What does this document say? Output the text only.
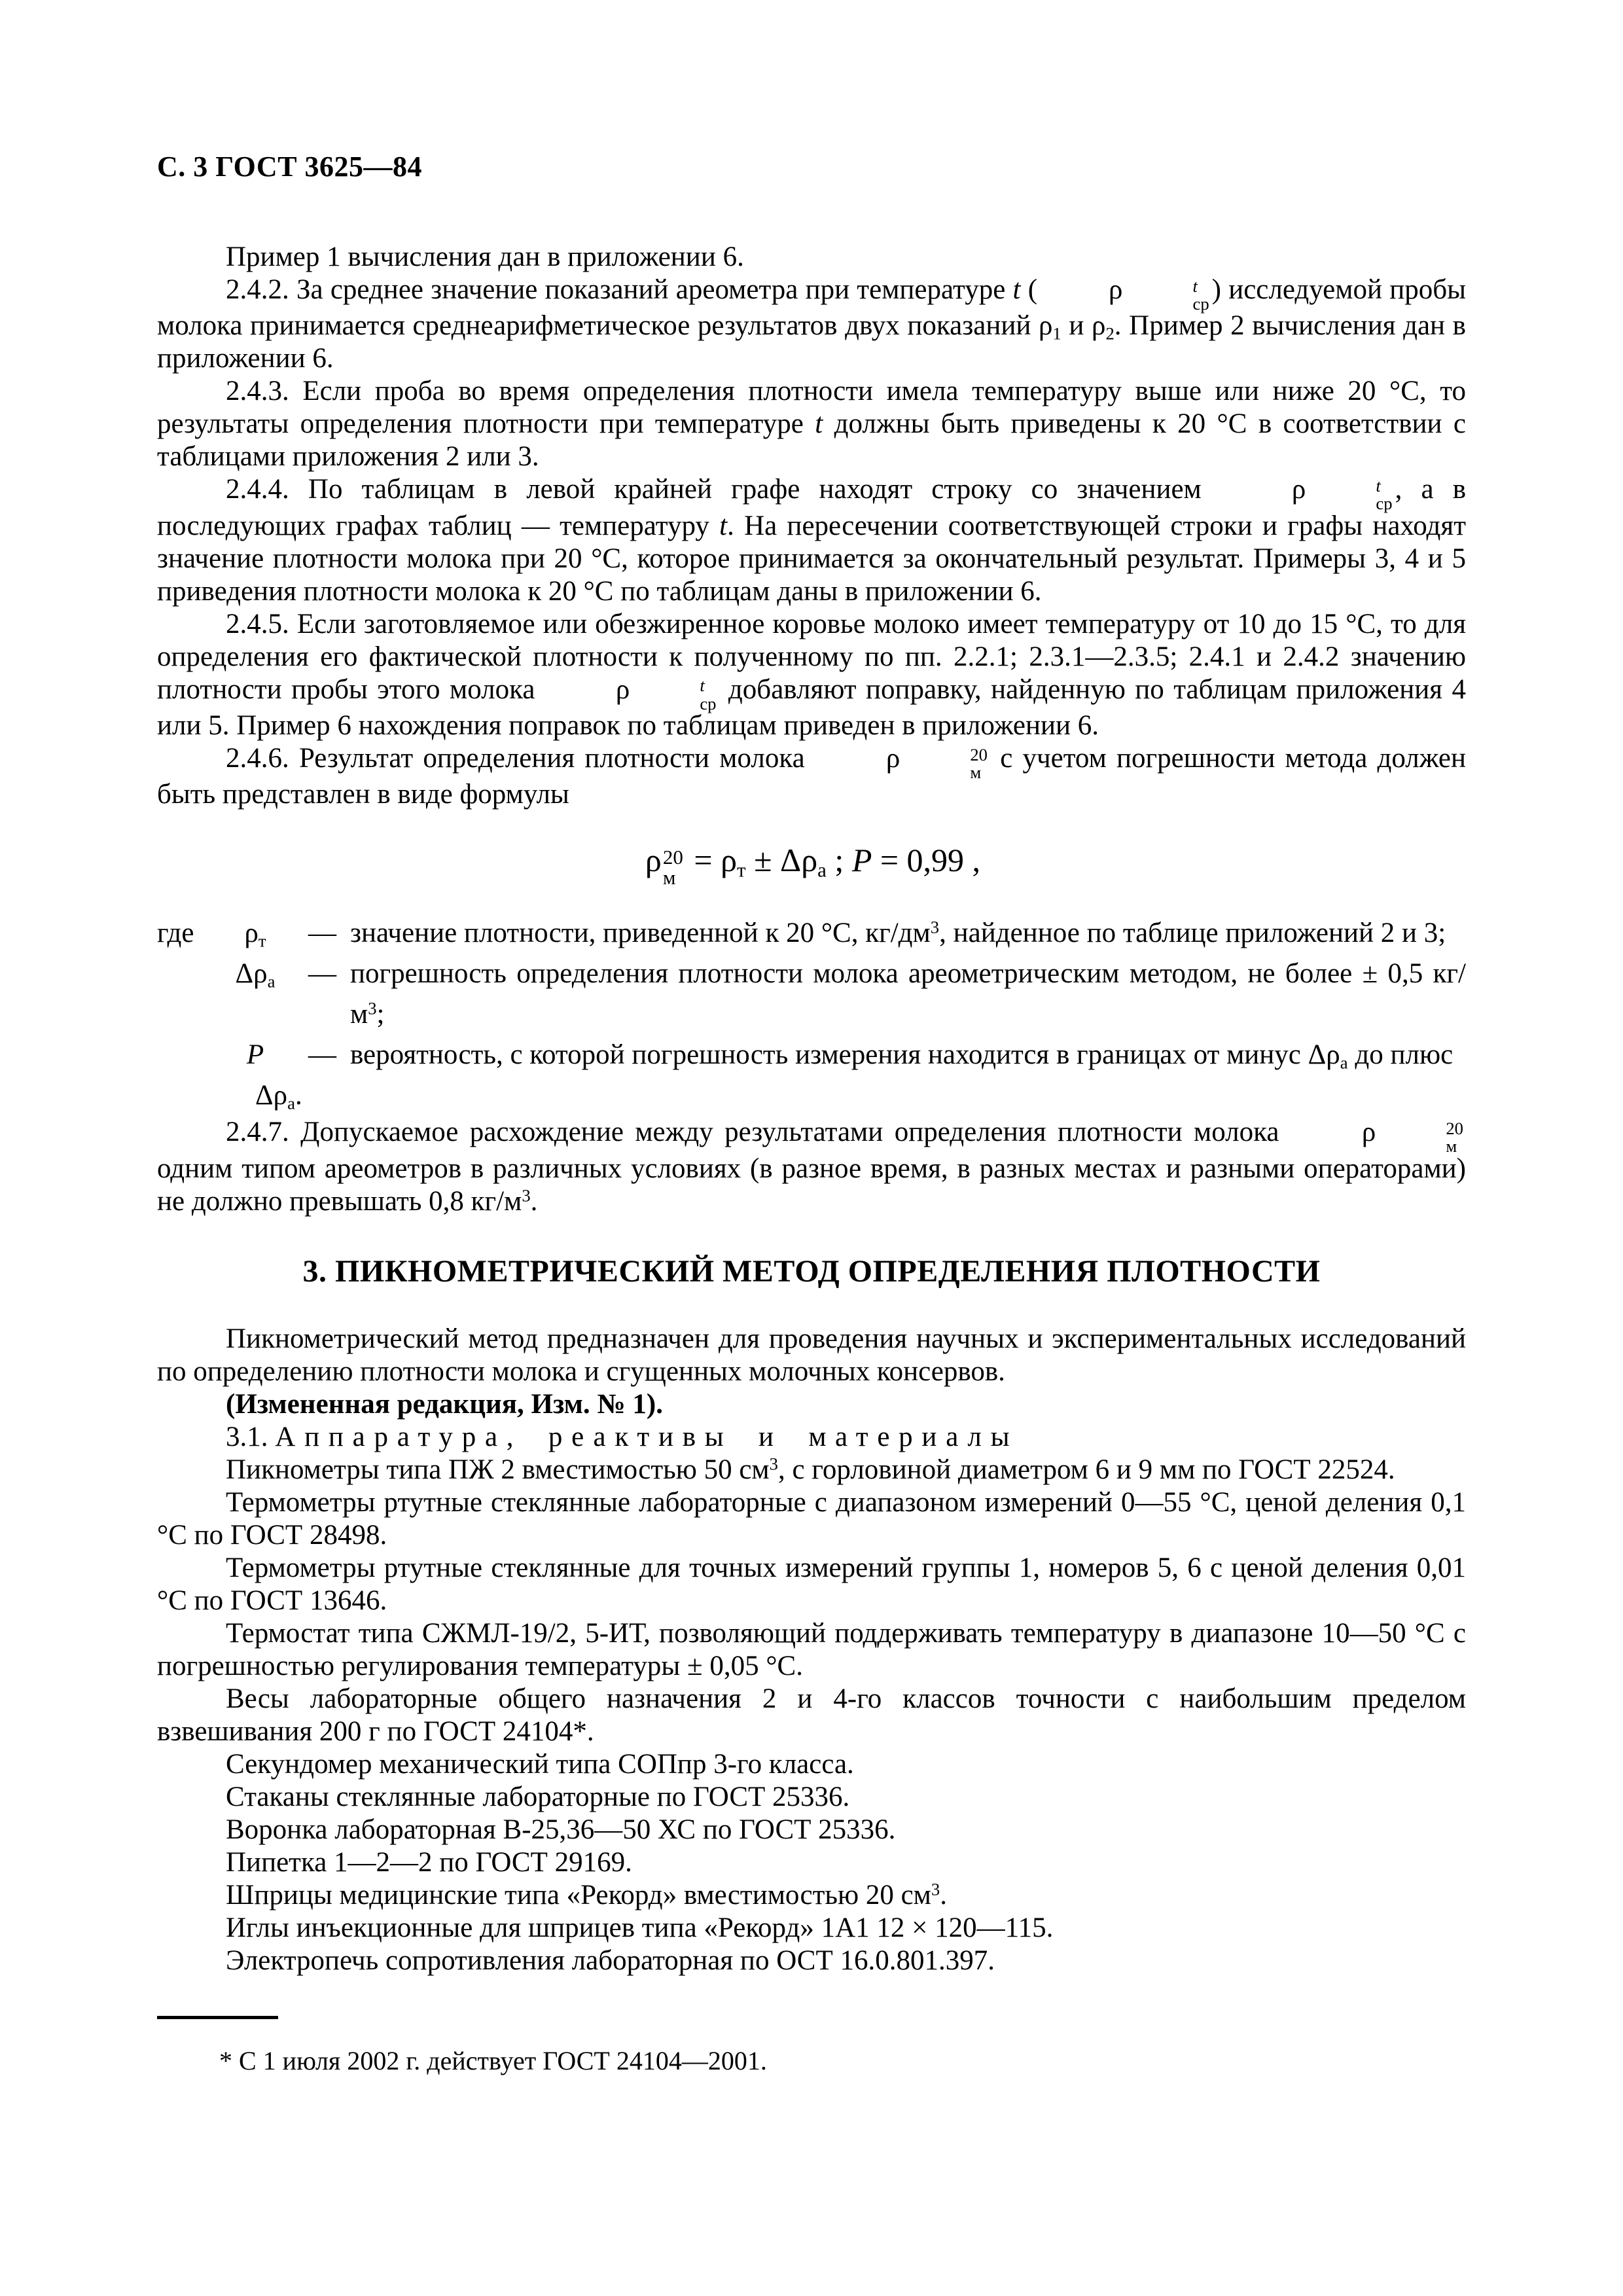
С. 3 ГОСТ 3625—84
Пример 1 вычисления дан в приложении 6.
2.4.2. За среднее значение показаний ареометра при температуре t (	ρ	t
ср ) исследуемой пробы молока принимается среднеарифметическое результатов двух показаний $\rho_1$ и $\rho_2$. Пример 2 вычисления дан в приложении 6.
2.4.3. Если проба во время определения плотности имела температуру выше или ниже 20 °С, то результаты определения плотности при температуре t должны быть приведены к 20 °С в соответствии с таблицами приложения 2 или 3.
2.4.4. По таблицам в левой крайней графе находят строку со значением	ρ	t
ср , а в последующих графах таблиц — температуру t. На пересечении соответствующей строки и графы находят значение плотности молока при 20 °С, которое принимается за окончательный результат. Примеры 3, 4 и 5 приведения плотности молока к 20 °С по таблицам даны в приложении 6.
2.4.5. Если заготовляемое или обезжиренное коровье молоко имеет температуру от 10 до 15 °С, то для определения его фактической плотности к полученному по пп. 2.2.1; 2.3.1—2.3.5; 2.4.1 и 2.4.2 значению плотности пробы этого молока	ρ	t
ср добавляют поправку, найденную по таблицам приложения 4 или 5. Пример 6 нахождения поправок по таблицам приведен в приложении 6.
2.4.6. Результат определения плотности молока	ρ	20
м с учетом погрешности метода должен быть представлен в виде формулы
ρ 20
$м = \rho_т \pm \Delta\rho_а$ ; P = 0,99 ,
где	$\rho_т$	— значение плотности, приведенной к 20 °С, $кг/дм^3$, найденное по таблице приложений 2 и 3;
$\Delta\rho_а$	— погрешность определения плотности молока ареометрическим методом, не более ± 0,5 $кг/м^3$;
P	— вероятность, с которой погрешность измерения находится в границах от минус $\Delta\rho_а$ до плюс
$\Delta\rho_а$.
2.4.7. Допускаемое расхождение между результатами определения плотности молока	ρ	20
м
одним типом ареометров в различных условиях (в разное время, в разных местах и разными операторами) не должно превышать 0,8 $кг/м^3$.
3. ПИКНОМЕТРИЧЕСКИЙ МЕТОД ОПРЕДЕЛЕНИЯ ПЛОТНОСТИ
Пикнометрический метод предназначен для проведения научных и экспериментальных исследований по определению плотности молока и сгущенных молочных консервов.
(Измененная редакция, Изм. № 1).
3.1. Аппаратура, реактивы и материалы
Пикнометры типа ПЖ 2 вместимостью 50 $см^3$, с горловиной диаметром 6 и 9 мм по ГОСТ 22524.
Термометры ртутные стеклянные лабораторные с диапазоном измерений 0—55 °С, ценой деления 0,1 °С по ГОСТ 28498.
Термометры ртутные стеклянные для точных измерений группы 1, номеров 5, 6 с ценой деления 0,01 °С по ГОСТ 13646.
Термостат типа СЖМЛ-19/2, 5-ИТ, позволяющий поддерживать температуру в диапазоне 10—50 °С с погрешностью регулирования температуры ± 0,05 °С.
Весы лабораторные общего назначения 2 и 4-го классов точности с наибольшим пределом взвешивания 200 г по ГОСТ 24104*.
Секундомер механический типа СОПпр 3-го класса.
Стаканы стеклянные лабораторные по ГОСТ 25336.
Воронка лабораторная В-25,36—50 ХС по ГОСТ 25336.
Пипетка 1—2—2 по ГОСТ 29169.
Шприцы медицинские типа «Рекорд» вместимостью 20 $см^3$.
Иглы инъекционные для шприцев типа «Рекорд» 1А1 12 × 120—115.
Электропечь сопротивления лабораторная по ОСТ 16.0.801.397.
* С 1 июля 2002 г. действует ГОСТ 24104—2001.
